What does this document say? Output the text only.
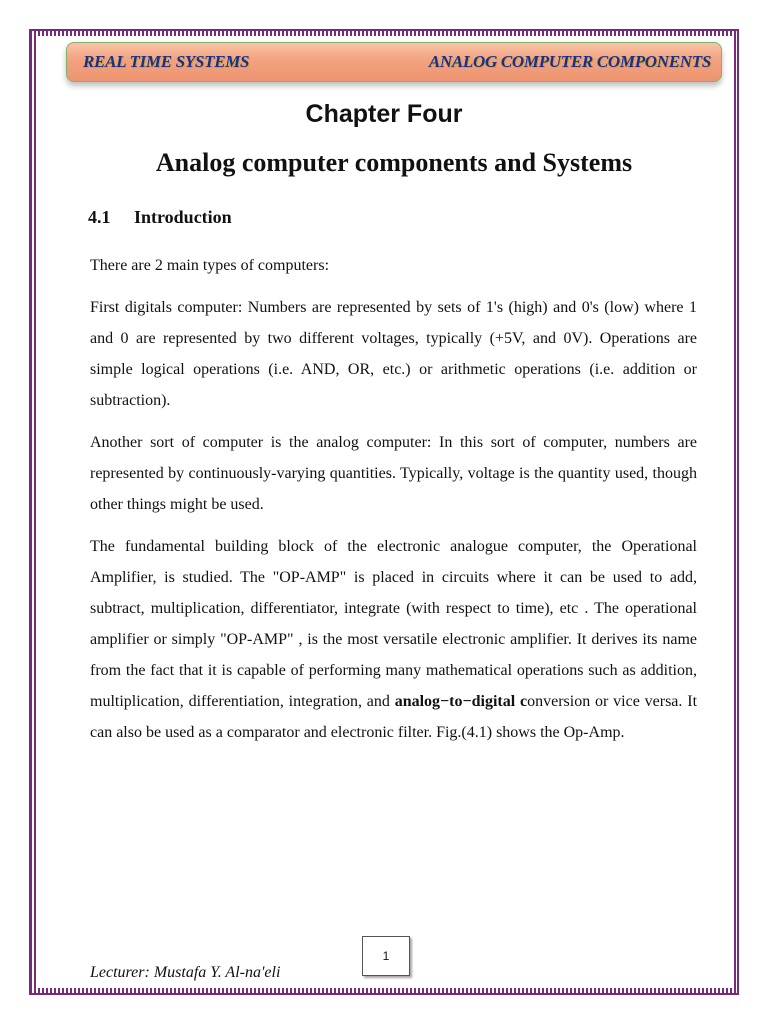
REAL TIME SYSTEMS	ANALOG COMPUTER COMPONENTS
Chapter Four
Analog computer components and Systems
4.1 Introduction

There are 2 main types of computers:

First digitals computer: Numbers are represented by sets of 1's (high) and 0's (low) where 1 and 0 are represented by two different voltages, typically (+5V, and 0V). Operations are simple logical operations (i.e. AND, OR, etc.) or arithmetic operations (i.e. addition or subtraction).

Another sort of computer is the analog computer: In this sort of computer, numbers are represented by continuously-varying quantities. Typically, voltage is the quantity used, though other things might be used.

The fundamental building block of the electronic analogue computer, the Operational Amplifier, is studied. The "OP-AMP" is placed in circuits where it can be used to add, subtract, multiplication, differentiator, integrate (with respect to time), etc . The operational amplifier or simply "OP-AMP" , is the most versatile electronic amplifier. It derives its name from the fact that it is capable of performing many mathematical operations such as addition, multiplication, differentiation, integration, and analog−to−digital conversion or vice versa. It can also be used as a comparator and electronic filter. Fig.(4.1) shows the Op-Amp.

1
Lecturer: Mustafa Y. Al-na'eli
